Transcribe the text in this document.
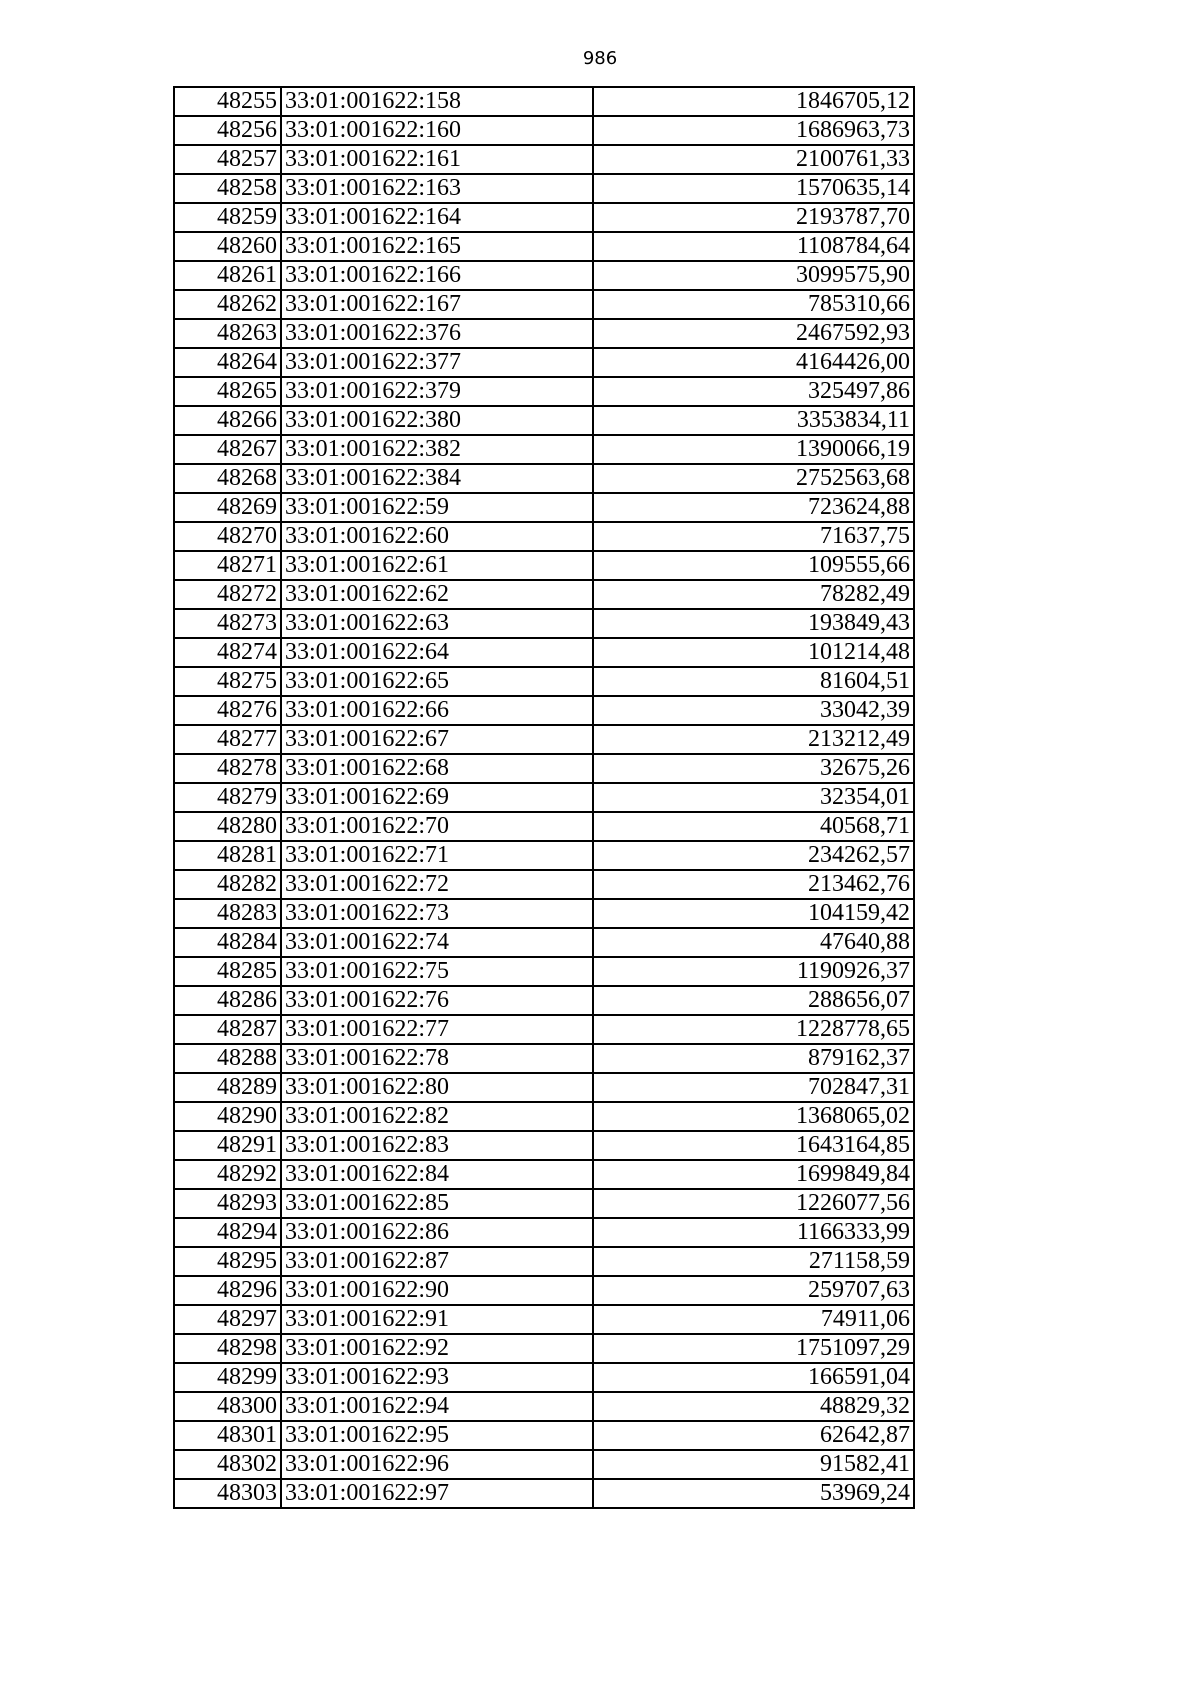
986
48255	33:01:001622:158	1846705,12
48256	33:01:001622:160	1686963,73
48257	33:01:001622:161	2100761,33
48258	33:01:001622:163	1570635,14
48259	33:01:001622:164	2193787,70
48260	33:01:001622:165	1108784,64
48261	33:01:001622:166	3099575,90
48262	33:01:001622:167	785310,66
48263	33:01:001622:376	2467592,93
48264	33:01:001622:377	4164426,00
48265	33:01:001622:379	325497,86
48266	33:01:001622:380	3353834,11
48267	33:01:001622:382	1390066,19
48268	33:01:001622:384	2752563,68
48269	33:01:001622:59	723624,88
48270	33:01:001622:60	71637,75
48271	33:01:001622:61	109555,66
48272	33:01:001622:62	78282,49
48273	33:01:001622:63	193849,43
48274	33:01:001622:64	101214,48
48275	33:01:001622:65	81604,51
48276	33:01:001622:66	33042,39
48277	33:01:001622:67	213212,49
48278	33:01:001622:68	32675,26
48279	33:01:001622:69	32354,01
48280	33:01:001622:70	40568,71
48281	33:01:001622:71	234262,57
48282	33:01:001622:72	213462,76
48283	33:01:001622:73	104159,42
48284	33:01:001622:74	47640,88
48285	33:01:001622:75	1190926,37
48286	33:01:001622:76	288656,07
48287	33:01:001622:77	1228778,65
48288	33:01:001622:78	879162,37
48289	33:01:001622:80	702847,31
48290	33:01:001622:82	1368065,02
48291	33:01:001622:83	1643164,85
48292	33:01:001622:84	1699849,84
48293	33:01:001622:85	1226077,56
48294	33:01:001622:86	1166333,99
48295	33:01:001622:87	271158,59
48296	33:01:001622:90	259707,63
48297	33:01:001622:91	74911,06
48298	33:01:001622:92	1751097,29
48299	33:01:001622:93	166591,04
48300	33:01:001622:94	48829,32
48301	33:01:001622:95	62642,87
48302	33:01:001622:96	91582,41
48303	33:01:001622:97	53969,24
